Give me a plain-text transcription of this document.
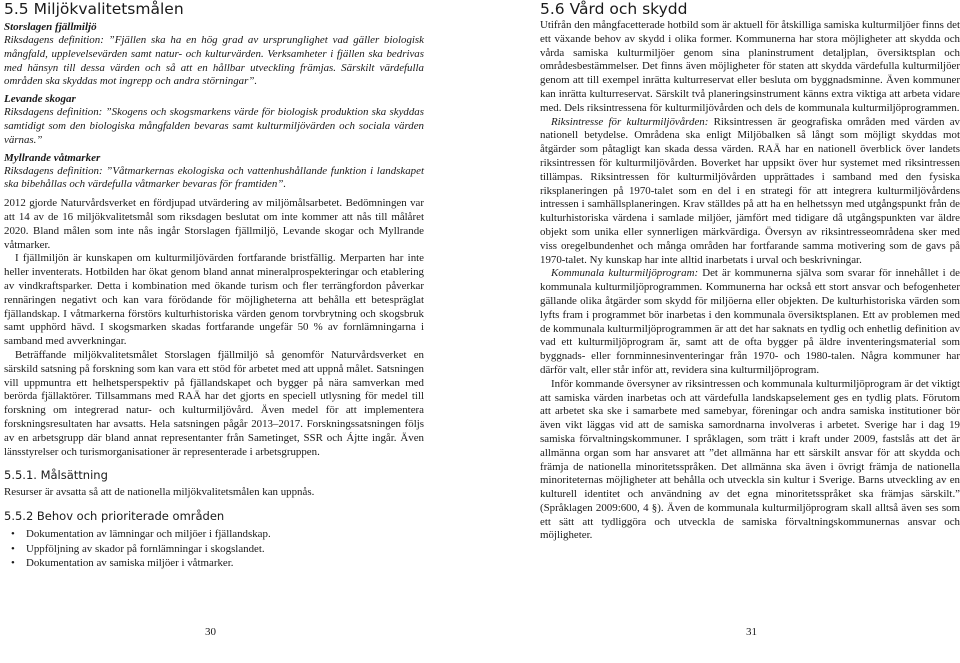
5.5 Miljökvalitetsmålen
Storslagen fjällmiljö
Riksdagens definition: ”Fjällen ska ha en hög grad av ursprunglighet vad gäller biologisk mångfald, upplevelsevärden samt natur- och kulturvärden. Verksamheter i fjällen ska bedrivas med hänsyn till dessa värden och så att en hållbar utveckling främjas. Särskilt värdefulla områden ska skyddas mot ingrepp och andra störningar”.
Levande skogar
Riksdagens definition: ”Skogens och skogsmarkens värde för biologisk produktion ska skyddas samtidigt som den biologiska mångfalden bevaras samt kulturmiljövärden och sociala värden värnas.”
Myllrande våtmarker
Riksdagens definition: ”Våtmarkernas ekologiska och vattenhushållande funktion i landskapet ska bibehållas och värdefulla våtmarker bevaras för framtiden”.

2012 gjorde Naturvårdsverket en fördjupad utvärdering av miljömålsarbetet. Bedömningen var att 14 av de 16 miljökvalitetsmål som riksdagen beslutat om inte kommer att nås till målåret 2020. Bland målen som inte nås ingår Storslagen fjällmiljö, Levande skogar och Myllrande våtmarker.

I fjällmiljön är kunskapen om kulturmiljövärden fortfarande bristfällig. Merparten har inte heller inventerats. Hotbilden har ökat genom bland annat mineralprospekteringar och etablering av vindkraftsparker. Detta i kombination med ökande turism och fler terrängfordon påverkar rennäringen negativt och kan vara förödande för möjligheterna att behålla ett betespräglat fjällandskap. I våtmarkerna förstörs kulturhistoriska värden genom torvbrytning och skogsbruk samt upphörd hävd. I skogsmarken skadas fortfarande ungefär 50 % av fornlämningarna i samband med avverkningar.

Beträffande miljökvalitetsmålet Storslagen fjällmiljö så genomför Naturvårdsverket en särskild satsning på forskning som kan vara ett stöd för arbetet med att uppnå målet. Satsningen vill uppmuntra ett helhetsperspektiv på fjällandskapet och bygger på nära samverkan med berörda fjällaktörer. Tillsammans med RAÄ har det gjorts en speciell utlysning för medel till forskning om integrerad natur- och kulturmiljövård. Även medel för att implementera forskningsresultaten har avsatts. Hela satsningen pågår 2013–2017. Forskningssatsningen följs av en arbetsgrupp där bland annat representanter från Sametinget, SSR och Ájtte ingår. Även länsstyrelser och turismorganisationer är representerade i arbetsgruppen.

5.5.1. Målsättning

Resurser är avsatta så att de nationella miljökvalitetsmålen kan uppnås.

5.5.2 Behov och prioriterade områden
• Dokumentation av lämningar och miljöer i fjällandskap.
• Uppföljning av skador på fornlämningar i skogslandet.
• Dokumentation av samiska miljöer i våtmarker.
30
5.6 Vård och skydd

Utifrån den mångfacetterade hotbild som är aktuell för åtskilliga samiska kulturmiljöer finns det ett växande behov av skydd i olika former. Kommunerna har stora möjligheter att skydda och vårda samiska kulturmiljöer genom sina planinstrument detaljplan, översiktsplan och områdesbestämmelser. Det finns även möjligheter för staten att skydda värdefulla kulturmiljöer genom att till exempel inrätta kulturreservat eller besluta om byggnadsminne. Även kommuner kan inrätta kulturreservat. Särskilt två planeringsinstrument känns extra viktiga att arbeta vidare med. Dels riksintressena för kulturmiljövården och dels de kommunala kulturmiljöprogrammen.

Riksintresse för kulturmiljövården: Riksintressen är geografiska områden med värden av nationell betydelse. Områdena ska enligt Miljöbalken så långt som möjligt skyddas mot åtgärder som påtagligt kan skada dessa värden. RAÄ har en nationell överblick över landets riksintressen för kulturmiljövården. Boverket har uppsikt över hur systemet med riksintressen tillämpas. Riksintressen för kulturmiljövården upprättades i samband med den fysiska riksplaneringen på 1970-talet som en del i en strategi för att integrera kulturmiljövårdens intressen i samhällsplaneringen. Krav ställdes på att ha en helhetssyn med utgångspunkt från de kulturhistoriska värdena i samlade miljöer, jämfört med tidigare då utgångspunkten var äldre objekt som unika eller synnerligen märkvärdiga. Översyn av riksintresseområdena sker med viss oregelbundenhet och många områden har fortfarande samma motivering som de gavs på 1970-talet. Ny kunskap har inte alltid inarbetats i urval och beskrivningar.

Kommunala kulturmiljöprogram: Det är kommunerna själva som svarar för innehållet i de kommunala kulturmiljöprogrammen. Kommunerna har också ett stort ansvar och befogenheter gällande olika åtgärder som skydd för miljöerna eller objekten. De kulturhistoriska värden som lyfts fram i programmet bör inarbetas i den kommunala översiktsplanen. Ett av problemen med de kommunala kulturmiljöprogrammen är att det har saknats en tydlig och enhetlig definition av vad ett kulturmiljöprogram är, samt att de ofta bygger på äldre inventeringsmaterial som byggnads- eller fornminnesinventeringar från 1970- och 1980-talen. Några kommuner har därför valt, eller står inför att, revidera sina kulturmiljöprogram.

Inför kommande översyner av riksintressen och kommunala kulturmiljöprogram är det viktigt att samiska värden inarbetas och att värdefulla landskapselement ges en tydlig plats. Förutom att arbetet ska ske i samarbete med samebyar, föreningar och andra samiska institutioner bör även vikt läggas vid att de samiska samordnarna involveras i arbetet. Sverige har i dag 19 samiska förvaltningskommuner. I språklagen, som trätt i kraft under 2009, fastslås att det är allmänna organ som har ansvaret att ”det allmänna har ett särskilt ansvar för att skydda och främja de nationella minoritetsspråken. Det allmänna ska även i övrigt främja de nationella minoriteternas möjligheter att behålla och utveckla sin kultur i Sverige. Barns utveckling av en kulturell identitet och användning av det egna minoritetsspråket ska främjas särskilt.” (Språklagen 2009:600, 4 §). Även de kommunala kulturmiljöprogram skall alltså även ses som ett sätt att tydliggöra och utveckla de samiska förvaltningskommunernas ansvar och möjligheter.

31
